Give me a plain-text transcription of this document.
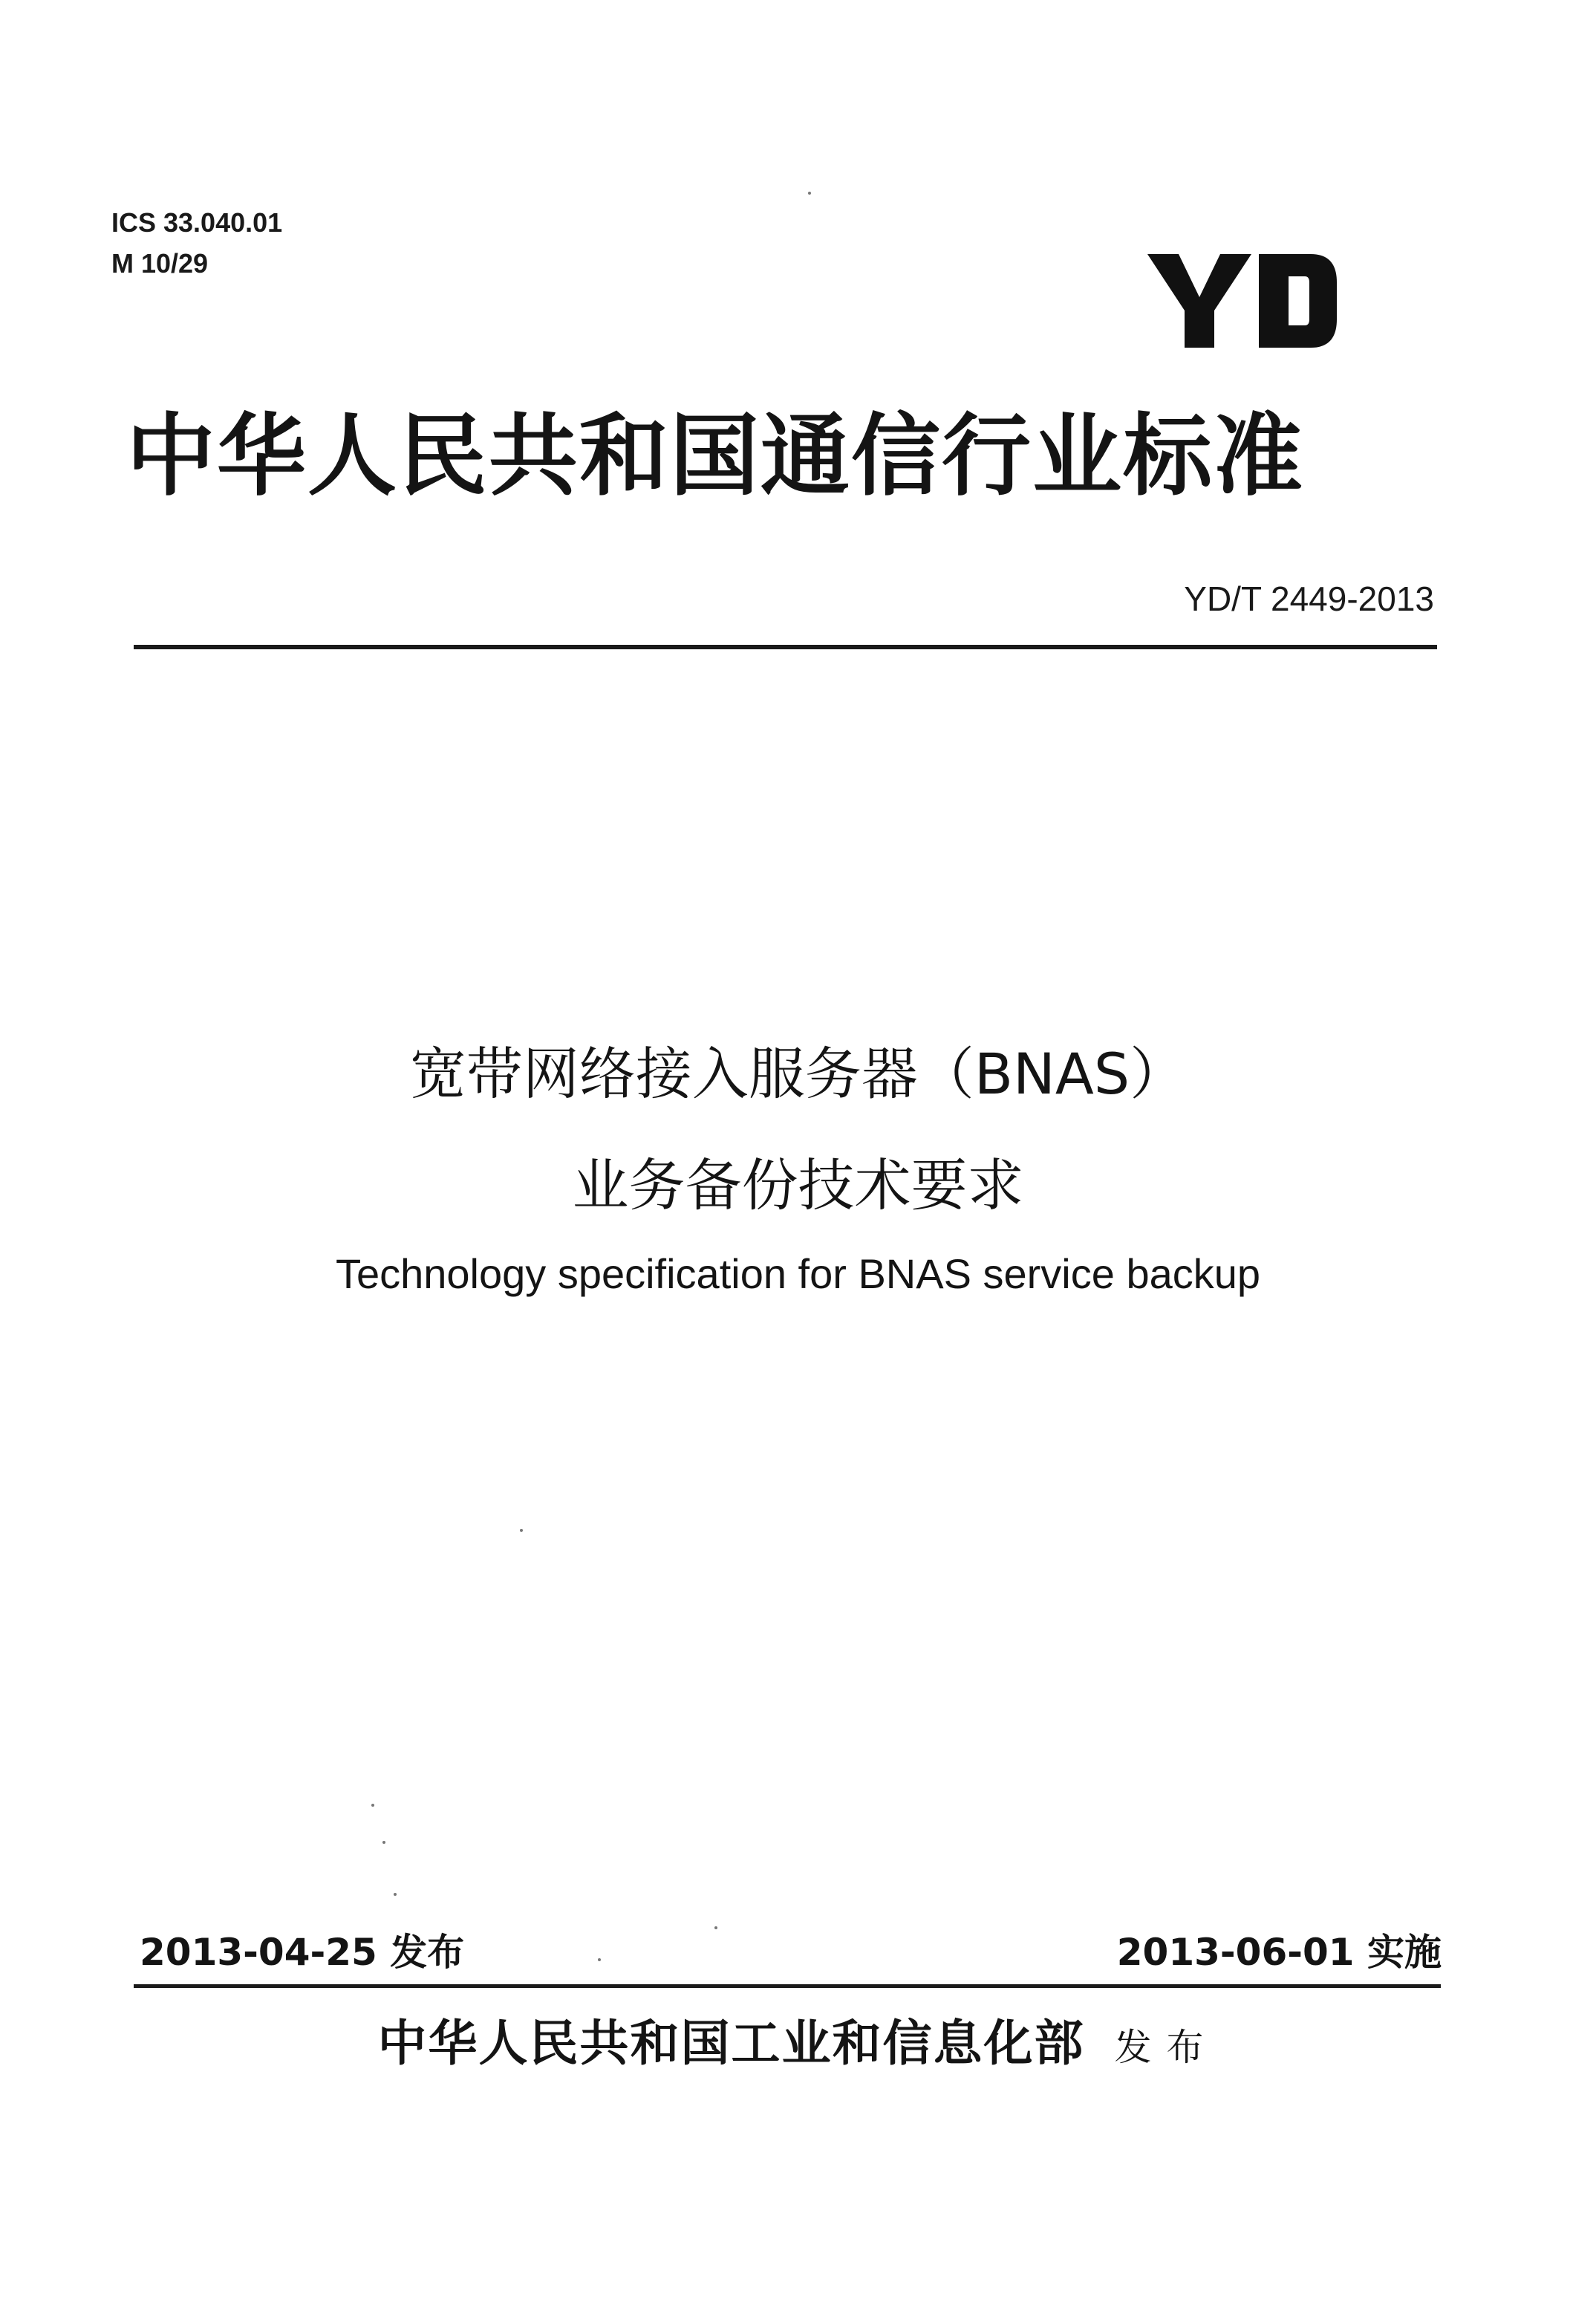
ICS 33.040.01
M 10/29
中华人民共和国通信行业标准
YD/T 2449-2013
宽带网络接入服务器（BNAS）
业务备份技术要求
Technology specification for BNAS service backup
2013-04-25 发布	2013-06-01 实施
中华人民共和国工业和信息化部 发布
